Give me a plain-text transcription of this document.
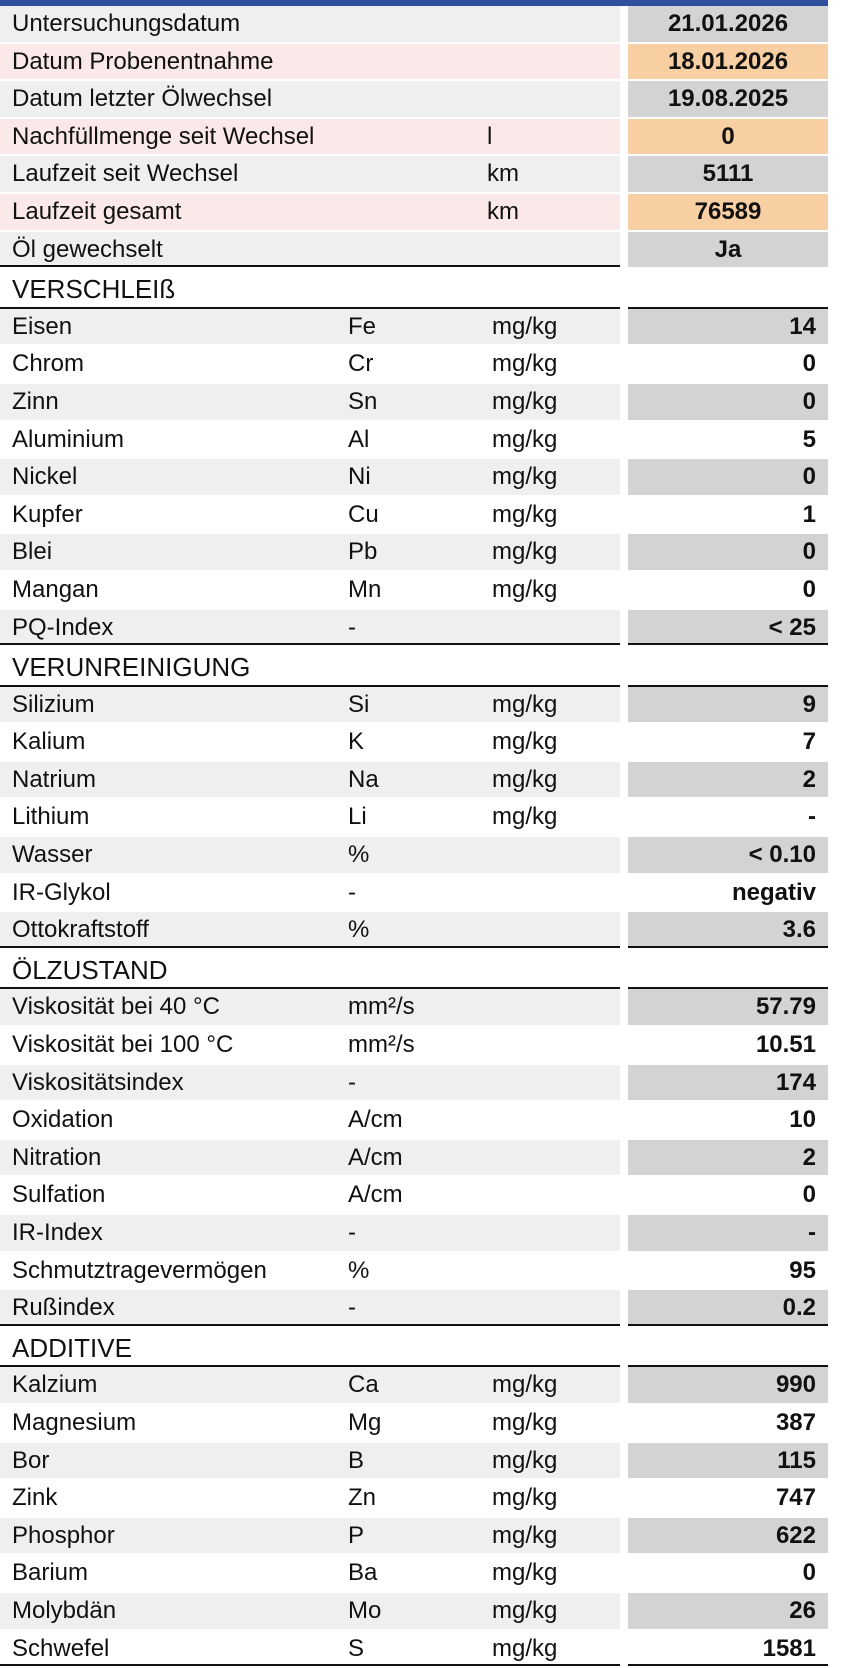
Untersuchungsdatum	21.01.2026
Datum Probenentnahme	18.01.2026
Datum letzter Ölwechsel	19.08.2025
Nachfüllmenge seit Wechsel	l	0
Laufzeit seit Wechsel	km	5111
Laufzeit gesamt	km	76589
Öl gewechselt	Ja
VERSCHLEIß
Eisen	Fe	mg/kg	14
Chrom	Cr	mg/kg	0
Zinn	Sn	mg/kg	0
Aluminium	Al	mg/kg	5
Nickel	Ni	mg/kg	0
Kupfer	Cu	mg/kg	1
Blei	Pb	mg/kg	0
Mangan	Mn	mg/kg	0
PQ-Index	-	< 25
VERUNREINIGUNG
Silizium	Si	mg/kg	9
Kalium	K	mg/kg	7
Natrium	Na	mg/kg	2
Lithium	Li	mg/kg	-
Wasser	%	< 0.10
IR-Glykol	-	negativ
Ottokraftstoff	%	3.6
ÖLZUSTAND
Viskosität bei 40 °C	mm²/s	57.79
Viskosität bei 100 °C	mm²/s	10.51
Viskositätsindex	-	174
Oxidation	A/cm	10
Nitration	A/cm	2
Sulfation	A/cm	0
IR-Index	-	-
Schmutztragevermögen	%	95
Rußindex	-	0.2
ADDITIVE
Kalzium	Ca	mg/kg	990
Magnesium	Mg	mg/kg	387
Bor	B	mg/kg	115
Zink	Zn	mg/kg	747
Phosphor	P	mg/kg	622
Barium	Ba	mg/kg	0
Molybdän	Mo	mg/kg	26
Schwefel	S	mg/kg	1581
